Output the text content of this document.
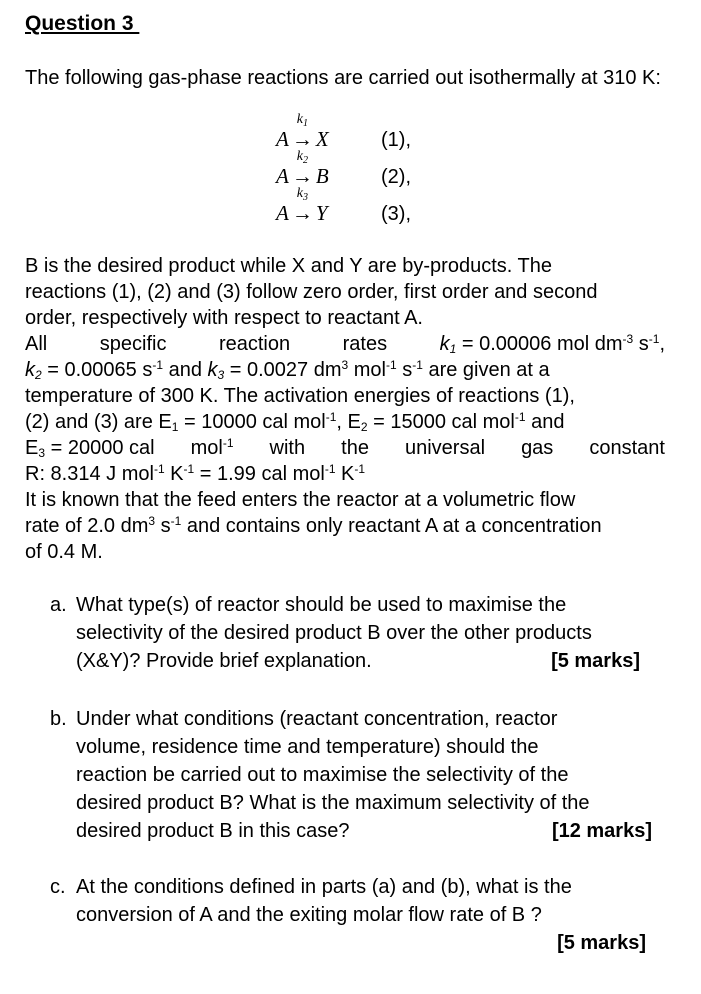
Question 3
The following gas-phase reactions are carried out isothermally at 310 K:
A
$k_1$
→ X	(1),
A
$k_2$
→ B	(2),
A
$k_3$
→ Y	(3),
B is the desired product while X and Y are by-products. The
reactions (1), (2) and (3) follow zero order, first order and second
order, respectively with respect to reactant A.
All	specific	reaction	rates	$k_1 = 0.00006$ mol $dm^{-3}$ $s^{-1}$,
$k_2 = 0.00065$ $s^{-1}$ and $k_3 = 0.0027$ $dm^3$ mol$^{-1}$ $s^{-1}$ are given at a
temperature of 300 K. The activation energies of reactions (1),
(2) and (3) are $E_1 = 10000$ cal mol$^{-1}$, $E_2 = 15000$ cal mol$^{-1}$ and
$E_3 = 20000$ cal mol$^{-1}$ with the universal gas constant
R: 8.314 J mol$^{-1}$ $K^{-1} = 1.99$ cal mol$^{-1}$ $K^{-1}$
It is known that the feed enters the reactor at a volumetric flow
rate of 2.0 $dm^3$ $s^{-1}$ and contains only reactant A at a concentration
of 0.4 M.
a. What type(s) of reactor should be used to maximise the
selectivity of the desired product B over the other products
(X&Y)? Provide brief explanation.	[5 marks]
b. Under what conditions (reactant concentration, reactor
volume, residence time and temperature) should the
reaction be carried out to maximise the selectivity of the
desired product B? What is the maximum selectivity of the
desired product B in this case?	[12 marks]
c. At the conditions defined in parts (a) and (b), what is the
conversion of A and the exiting molar flow rate of B ?
[5 marks]
